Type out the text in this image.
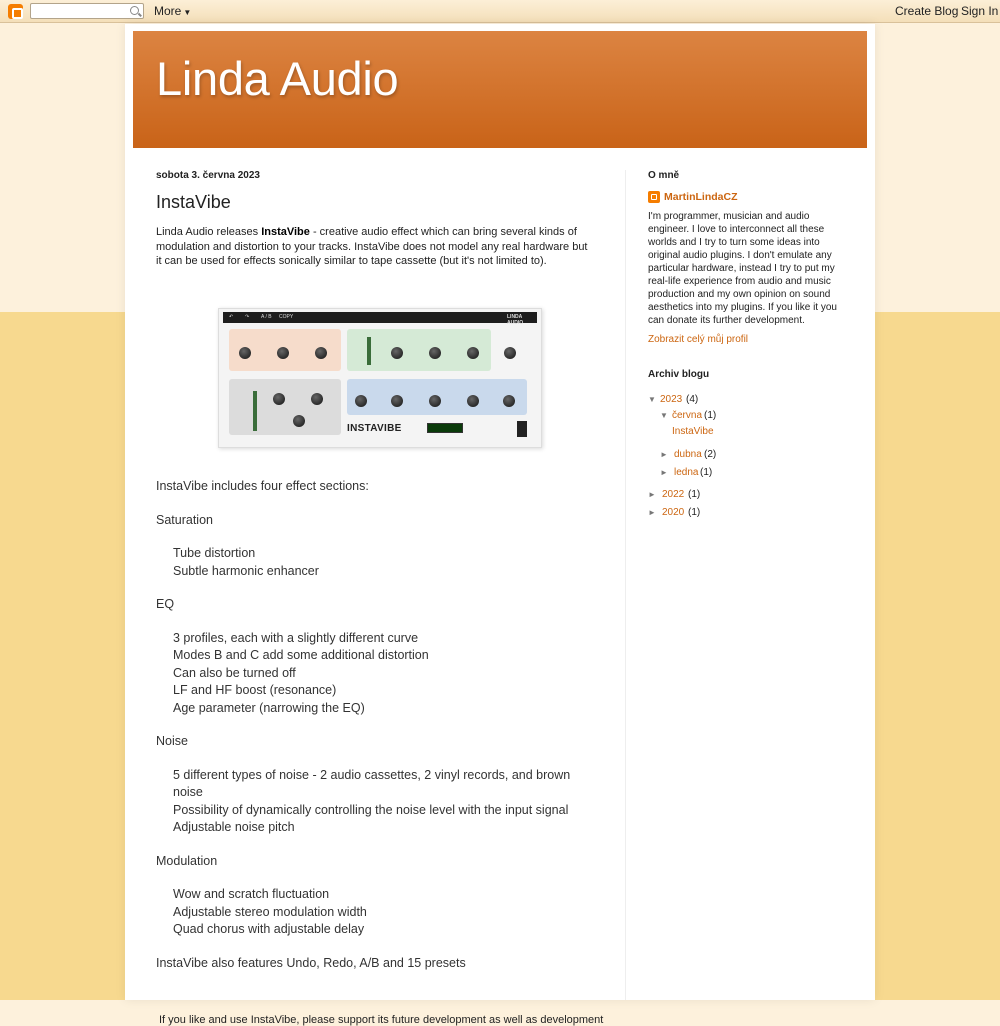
More ▼	Create Blog Sign In
Linda Audio
sobota 3. června 2023
InstaVibe
Linda Audio releases InstaVibe - creative audio effect which can bring several kinds of modulation and distortion to your tracks. InstaVibe does not model any real hardware but it can be used for effects sonically similar to tape cassette (but it's not limited to).
↶ ↷ A / B COPY	LINDA AUDIO
INSTAVIBE

InstaVibe includes four effect sections:

Saturation

Tube distortion
Subtle harmonic enhancer

EQ

3 profiles, each with a slightly different curve
Modes B and C add some additional distortion
Can also be turned off
LF and HF boost (resonance)
Age parameter (narrowing the EQ)

Noise

5 different types of noise - 2 audio cassettes, 2 vinyl records, and brown noise
Possibility of dynamically controlling the noise level with the input signal
Adjustable noise pitch

Modulation

Wow and scratch fluctuation
Adjustable stereo modulation width
Quad chorus with adjustable delay

InstaVibe also features Undo, Redo, A/B and 15 presets

If you like and use InstaVibe, please support its future development as well as development
O mně
MartinLindaCZ
I'm programmer, musician and audio engineer. I love to interconnect all these worlds and I try to turn some ideas into original audio plugins. I don't emulate any particular hardware, instead I try to put my real-life experience from audio and music production and my own opinion on sound aesthetics into my plugins. If you like it you can donate its further development.
Zobrazit celý můj profil
Archiv blogu
▼ 2023 (4)
▼ června (1)
InstaVibe
► dubna (2)
► ledna (1)
► 2022 (1)
► 2020 (1)
